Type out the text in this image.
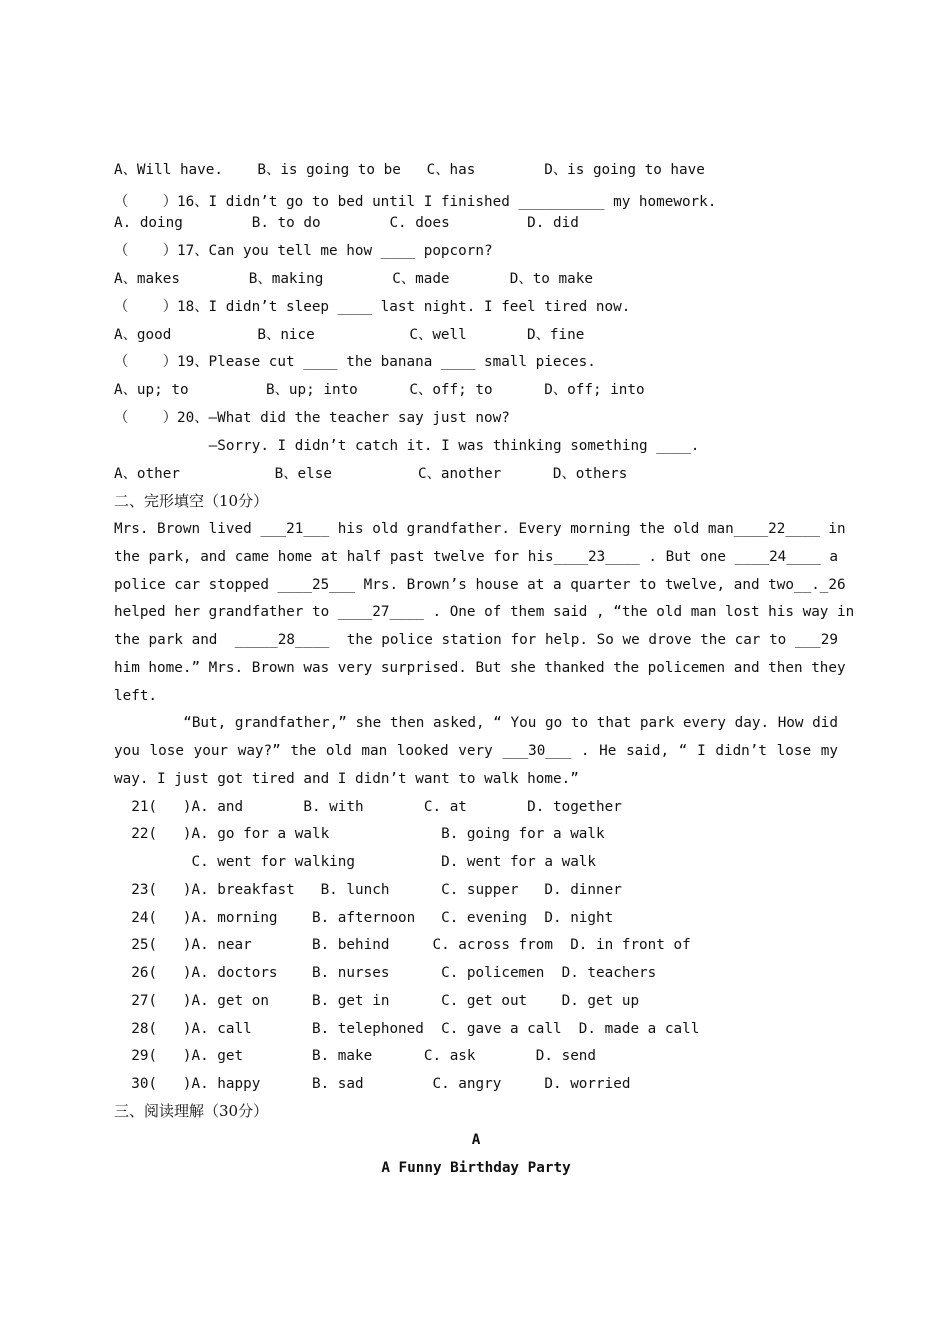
A、Will have.    B、is going to be   C、has        D、is going to have
（    ）16、I didn’t go to bed until I finished __________ my homework.
A. doing        B. to do        C. does         D. did
（    ）17、Can you tell me how ____ popcorn?
A、makes        B、making        C、made       D、to make
（    ）18、I didn’t sleep ____ last night. I feel tired now.
A、good          B、nice           C、well       D、fine
（    ）19、Please cut ____ the banana ____ small pieces.
A、up; to         B、up; into      C、off; to      D、off; into
（    ）20、—What did the teacher say just now?
—Sorry. I didn’t catch it. I was thinking something ____.
A、other           B、else          C、another      D、others
二、完形填空（10分）
Mrs. Brown lived ___21___ his old grandfather. Every morning the old man____22____ in
the park, and came home at half past twelve for his____23____ . But one ____24____ a
police car stopped ____25___ Mrs. Brown’s house at a quarter to twelve, and two__._26
helped her grandfather to ____27____ . One of them said , “the old man lost his way in
the park and  _____28____  the police station for help. So we drove the car to ___29
him home.” Mrs. Brown was very surprised. But she thanked the policemen and then they
left.
“But, grandfather,” she then asked, “ You go to that park every day. How did
you lose your way?” the old man looked very ___30___ . He said, “ I didn’t lose my
way. I just got tired and I didn’t want to walk home.”
21(   )A. and       B. with       C. at       D. together
22(   )A. go for a walk             B. going for a walk
C. went for walking          D. went for a walk
23(   )A. breakfast   B. lunch      C. supper   D. dinner
24(   )A. morning    B. afternoon   C. evening  D. night
25(   )A. near       B. behind     C. across from  D. in front of
26(   )A. doctors    B. nurses      C. policemen  D. teachers
27(   )A. get on     B. get in      C. get out    D. get up
28(   )A. call       B. telephoned  C. gave a call  D. made a call
29(   )A. get        B. make      C. ask       D. send
30(   )A. happy      B. sad        C. angry     D. worried
三、阅读理解（30分）
A
A Funny Birthday Party
